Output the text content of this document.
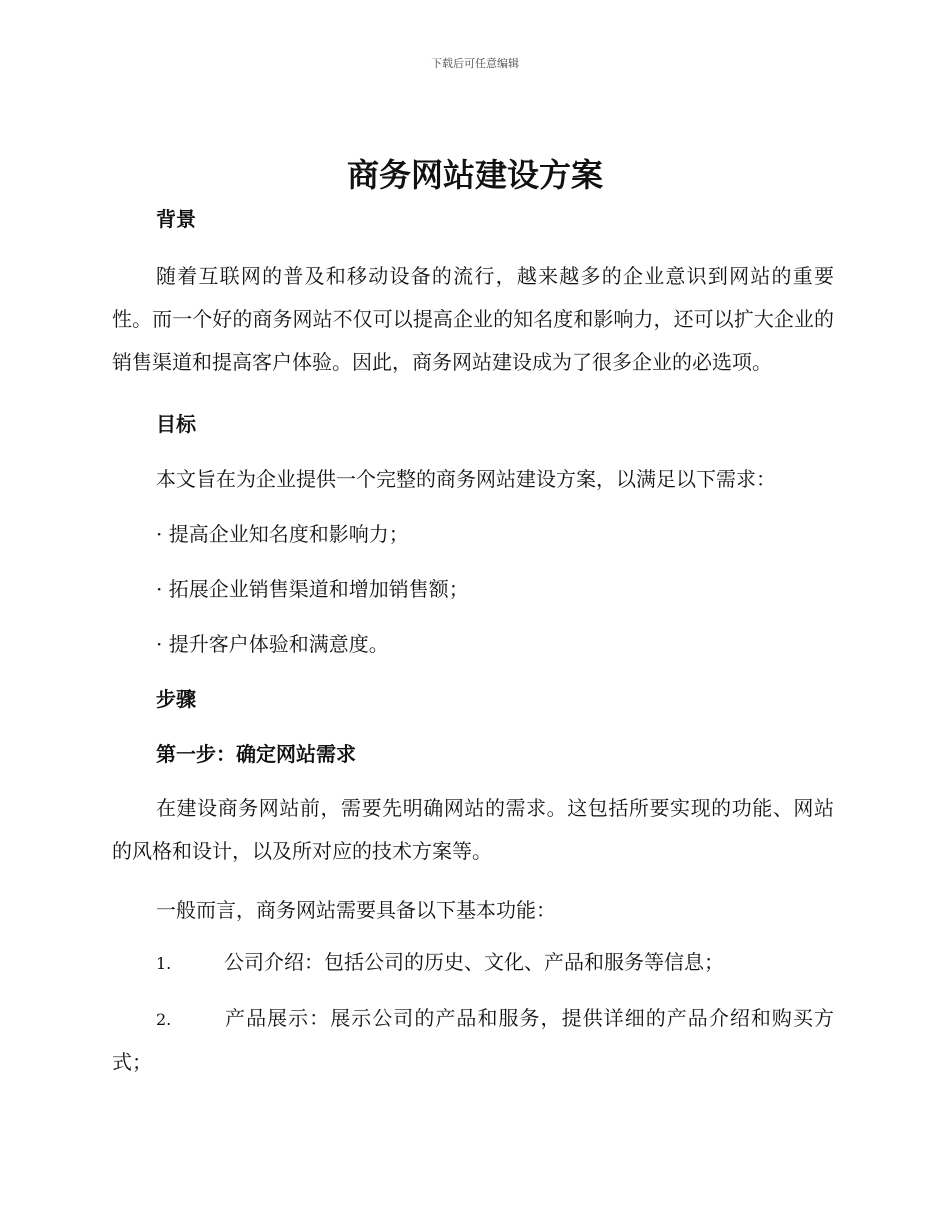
下载后可任意编辑
商务网站建设方案

背景

随着互联网的普及和移动设备的流行，越来越多的企业意识到网站的重要性。而一个好的商务网站不仅可以提高企业的知名度和影响力，还可以扩大企业的销售渠道和提高客户体验。因此，商务网站建设成为了很多企业的必选项。

目标

本文旨在为企业提供一个完整的商务网站建设方案，以满足以下需求：

· 提高企业知名度和影响力；

· 拓展企业销售渠道和增加销售额；

· 提升客户体验和满意度。

步骤

第一步：确定网站需求

在建设商务网站前，需要先明确网站的需求。这包括所要实现的功能、网站的风格和设计，以及所对应的技术方案等。

一般而言，商务网站需要具备以下基本功能：

1.	公司介绍：包括公司的历史、文化、产品和服务等信息；

2.	产品展示：展示公司的产品和服务，提供详细的产品介绍和购买方式；
